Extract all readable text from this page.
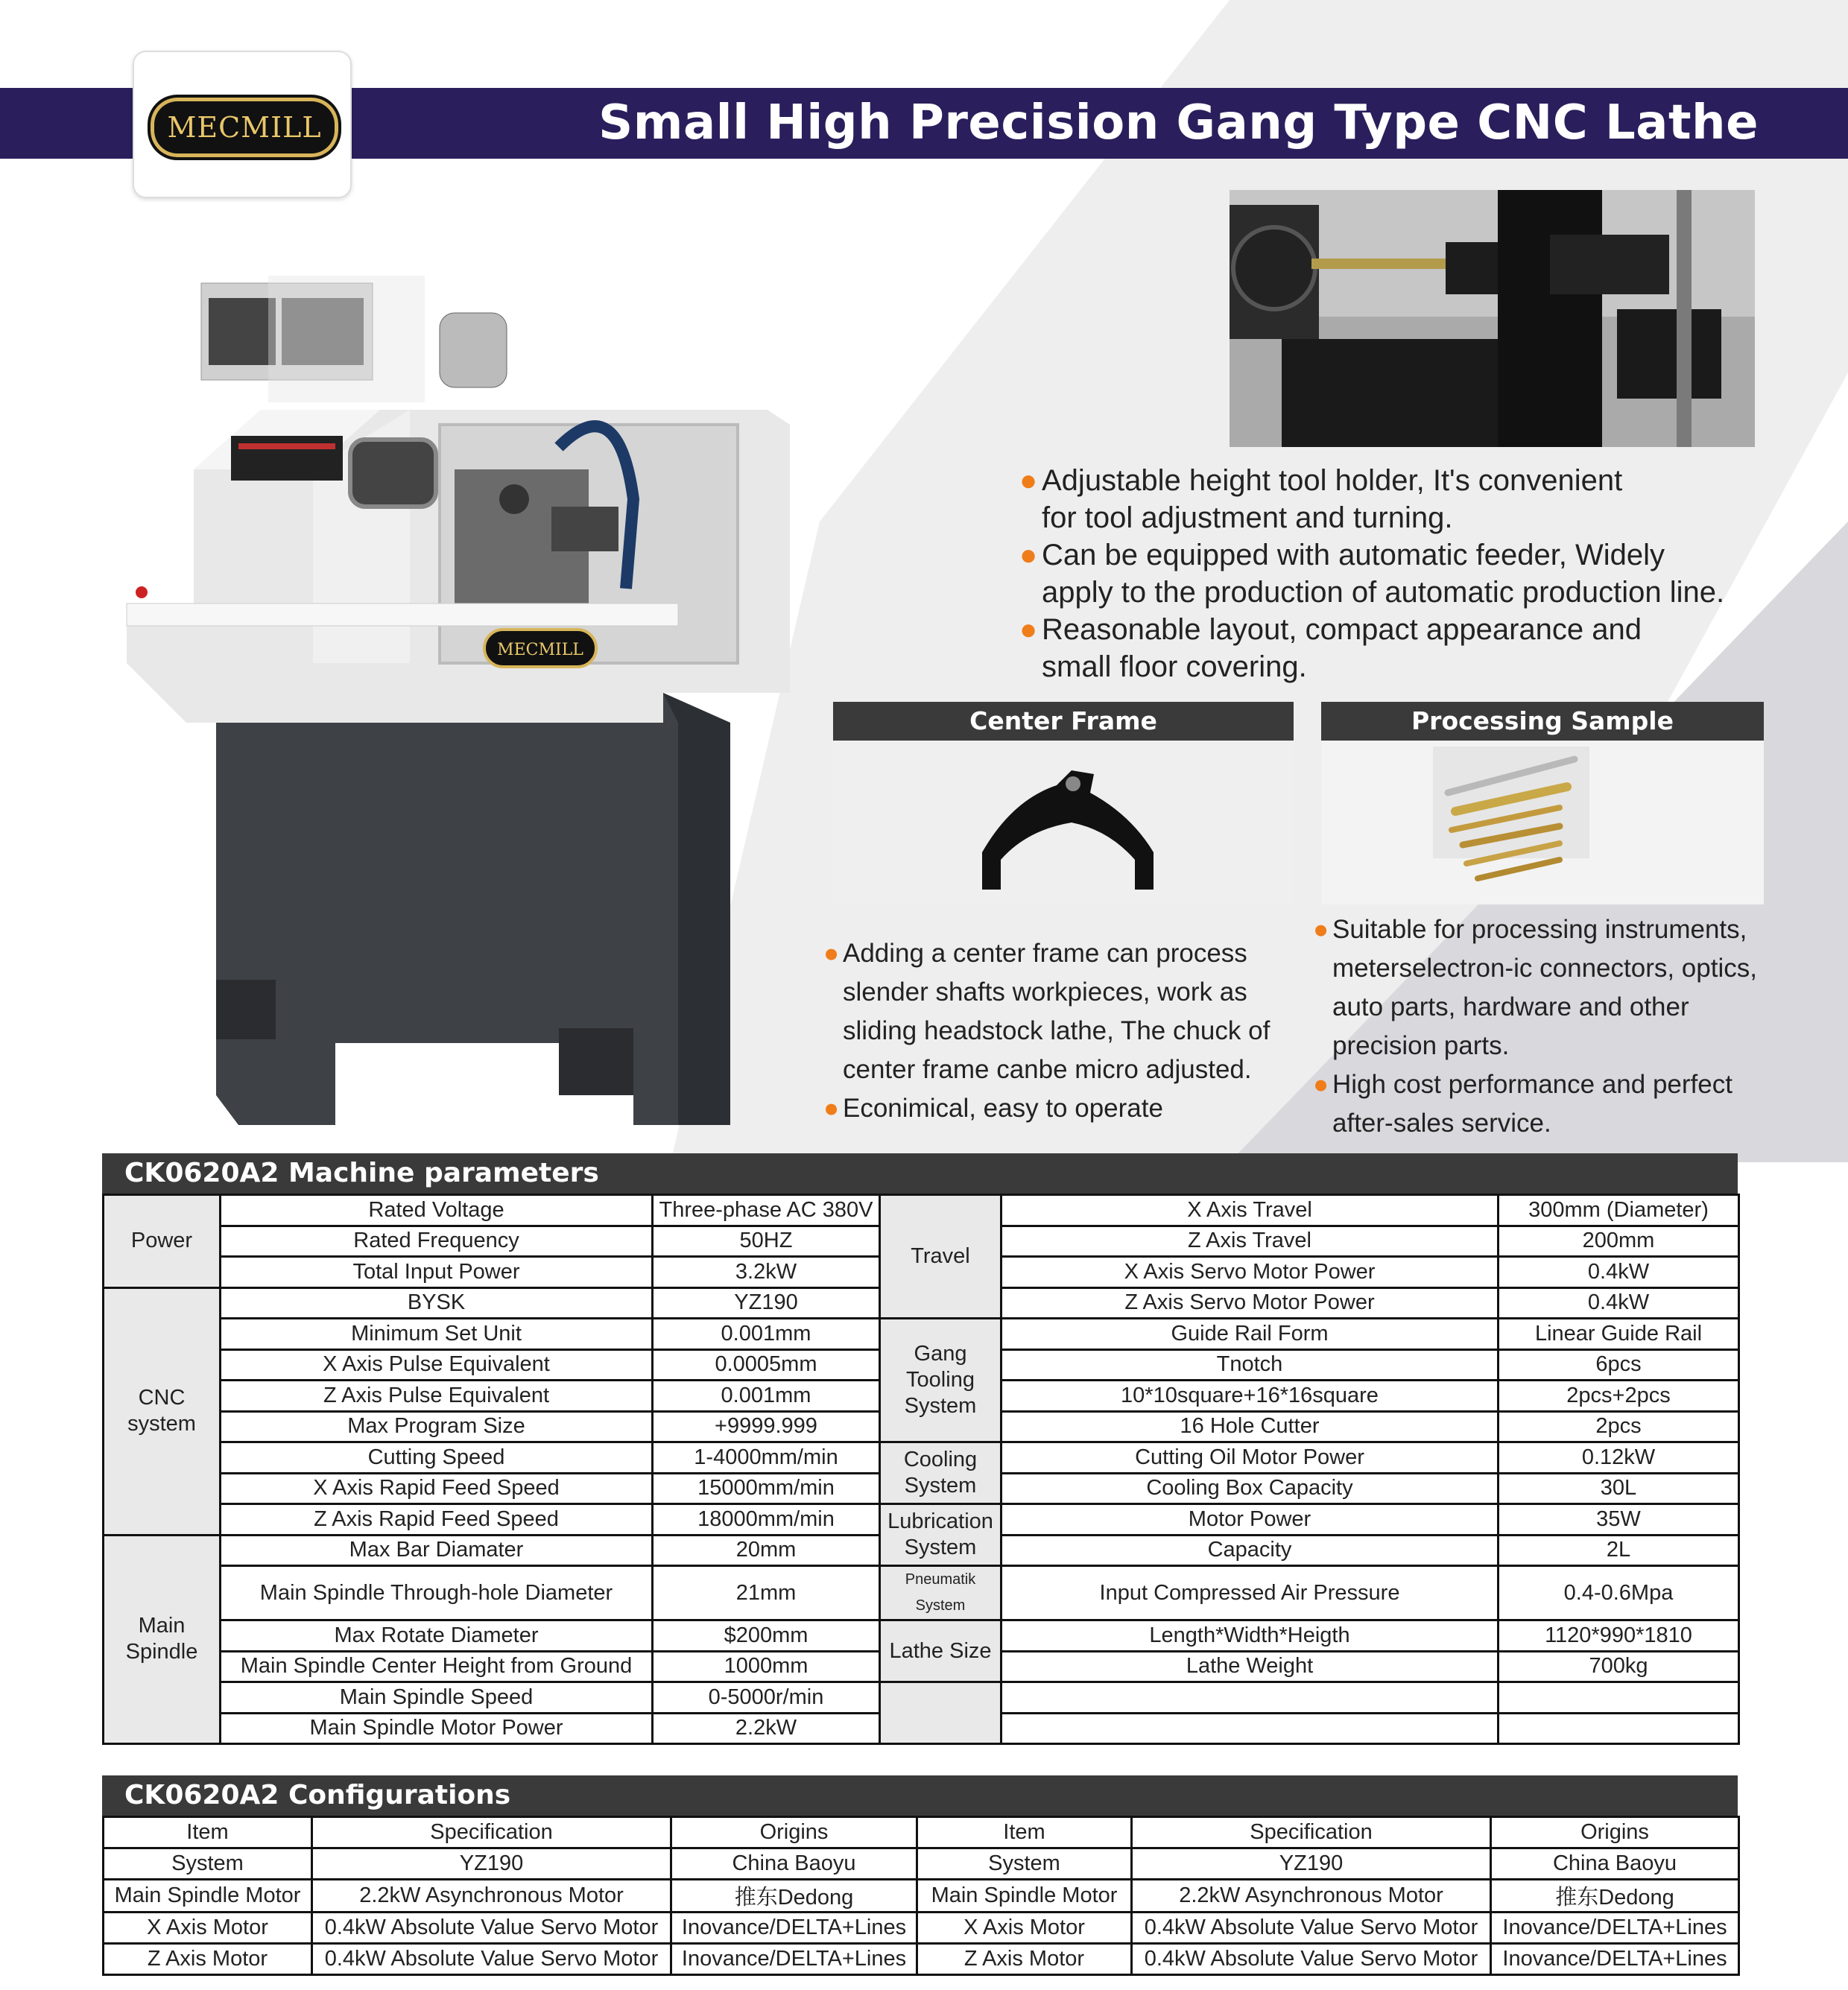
Small High Precision Gang Type CNC Lathe
MECMILL
MECMILL
● Adjustable height tool holder, It's convenient
for tool adjustment and turning.
● Can be equipped with automatic feeder, Widely
apply to the production of automatic production line.
● Reasonable layout, compact appearance and
small floor covering.
Center Frame
● Adding a center frame can process
slender shafts workpieces, work as
sliding headstock lathe, The chuck of
center frame canbe micro adjusted.
● Econimical, easy to operate
Processing Sample
● Suitable for processing instruments,
meterselectron-ic connectors, optics,
auto parts, hardware and other
precision parts.
● High cost performance and perfect
after-sales service.
CK0620A2 Machine parameters
Power	Rated Voltage	Three-phase AC 380V	Travel	X Axis Travel	300mm (Diameter)
	Rated Frequency	50HZ		Z Axis Travel	200mm
	Total Input Power	3.2kW		X Axis Servo Motor Power	0.4kW
CNC system	BYSK	YZ190		Z Axis Servo Motor Power	0.4kW
	Minimum Set Unit	0.001mm	Gang Tooling System	Guide Rail Form	Linear Guide Rail
	X Axis Pulse Equivalent	0.0005mm		Tnotch	6pcs
	Z Axis Pulse Equivalent	0.001mm		10*10square+16*16square	2pcs+2pcs
	Max Program Size	+9999.999		16 Hole Cutter	2pcs
	Cutting Speed	1-4000mm/min	Cooling System	Cutting Oil Motor Power	0.12kW
	X Axis Rapid Feed Speed	15000mm/min		Cooling Box Capacity	30L
	Z Axis Rapid Feed Speed	18000mm/min	Lubrication System	Motor Power	35W
Main Spindle	Max Bar Diamater	20mm		Capacity	2L
	Main Spindle Through-hole Diameter	21mm	Pneumatik System	Input Compressed Air Pressure	0.4-0.6Mpa
	Max Rotate Diameter	$200mm	Lathe Size	Length*Width*Heigth	1120*990*1810
	Main Spindle Center Height from Ground	1000mm		Lathe Weight	700kg
	Main Spindle Speed	0-5000r/min			
	Main Spindle Motor Power	2.2kW			
CK0620A2 Configurations
Item	Specification	Origins	Item	Specification	Origins
System	YZ190	China Baoyu	System	YZ190	China Baoyu
Main Spindle Motor	2.2kW Asynchronous Motor	推东Dedong	Main Spindle Motor	2.2kW Asynchronous Motor	推东Dedong
X Axis Motor	0.4kW Absolute Value Servo Motor	Inovance/DELTA+Lines	X Axis Motor	0.4kW Absolute Value Servo Motor	Inovance/DELTA+Lines
Z Axis Motor	0.4kW Absolute Value Servo Motor	Inovance/DELTA+Lines	Z Axis Motor	0.4kW Absolute Value Servo Motor	Inovance/DELTA+Lines
